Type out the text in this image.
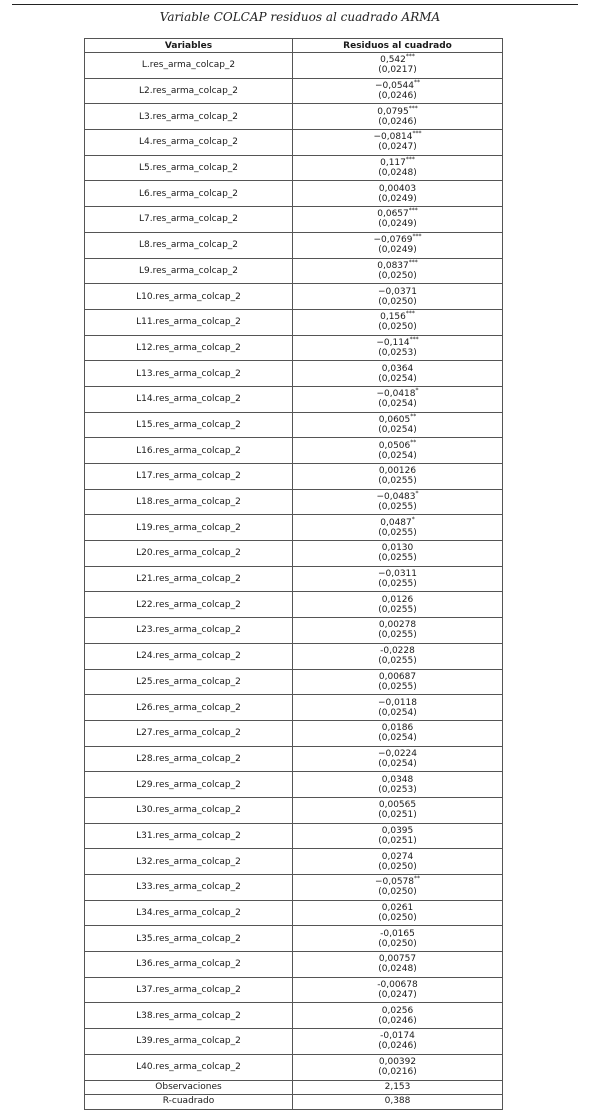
Variable COLCAP residuos al cuadrado ARMA
Variables	Residuos al cuadrado
L.res_arma_colcap_2	0,542***
(0,0217)

L2.res_arma_colcap_2	−0,0544**
(0,0246)

L3.res_arma_colcap_2	0,0795***
(0,0246)

L4.res_arma_colcap_2	−0,0814***
(0,0247)

L5.res_arma_colcap_2	0,117***
(0,0248)

L6.res_arma_colcap_2	0,00403
(0,0249)

L7.res_arma_colcap_2	0,0657***
(0,0249)

L8.res_arma_colcap_2	−0,0769***
(0,0249)

L9.res_arma_colcap_2	0,0837***
(0,0250)

L10.res_arma_colcap_2	−0,0371
(0,0250)

L11.res_arma_colcap_2	0,156***
(0,0250)

L12.res_arma_colcap_2	−0,114***
(0,0253)

L13.res_arma_colcap_2	0,0364
(0,0254)

L14.res_arma_colcap_2	−0,0418*
(0,0254)

L15.res_arma_colcap_2	0,0605**
(0,0254)

L16.res_arma_colcap_2	0,0506**
(0,0254)

L17.res_arma_colcap_2	0,00126
(0,0255)

L18.res_arma_colcap_2	−0,0483*
(0,0255)

L19.res_arma_colcap_2	0,0487*
(0,0255)

L20.res_arma_colcap_2	0,0130
(0,0255)

L21.res_arma_colcap_2	−0,0311
(0,0255)

L22.res_arma_colcap_2	0,0126
(0,0255)

L23.res_arma_colcap_2	0,00278
(0,0255)

L24.res_arma_colcap_2	-0,0228
(0,0255)

L25.res_arma_colcap_2	0,00687
(0,0255)

L26.res_arma_colcap_2	−0,0118
(0,0254)

L27.res_arma_colcap_2	0,0186
(0,0254)

L28.res_arma_colcap_2	−0,0224
(0,0254)

L29.res_arma_colcap_2	0,0348
(0,0253)

L30.res_arma_colcap_2	0,00565
(0,0251)

L31.res_arma_colcap_2	0,0395
(0,0251)

L32.res_arma_colcap_2	0,0274
(0,0250)

L33.res_arma_colcap_2	−0,0578**
(0,0250)

L34.res_arma_colcap_2	0,0261
(0,0250)

L35.res_arma_colcap_2	-0,0165
(0,0250)

L36.res_arma_colcap_2	0,00757
(0,0248)

L37.res_arma_colcap_2	-0,00678
(0,0247)

L38.res_arma_colcap_2	0,0256
(0,0246)

L39.res_arma_colcap_2	-0,0174
(0,0246)

L40.res_arma_colcap_2	0,00392
(0,0216)

Observaciones	2,153
R-cuadrado	0,388
